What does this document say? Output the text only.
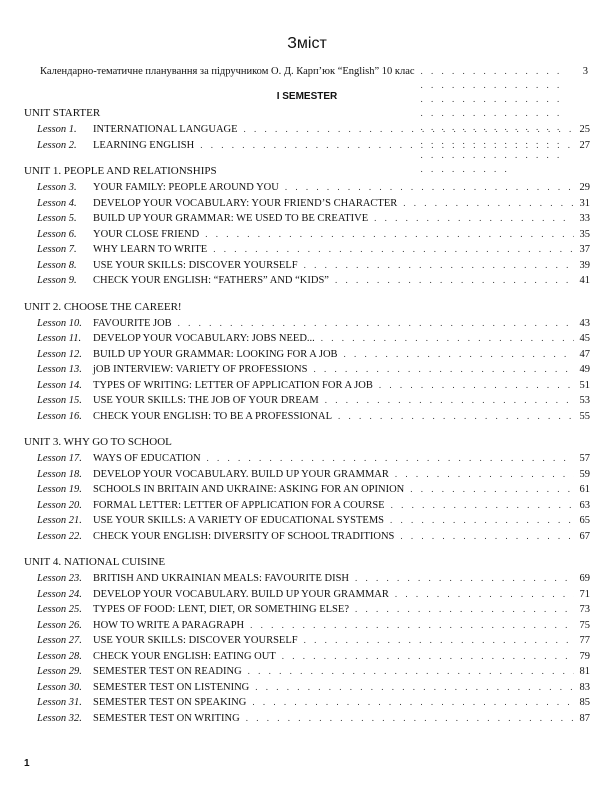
Зміст
Календарно-тематичне планування за підручником О. Д. Карп’юк “English” 10 клас . . .	3
I SEMESTER
UNIT STARTER
Lesson 1.	INTERNATIONAL LANGUAGE . . .	25
Lesson 2.	LEARNING ENGLISH . . .	27
UNIT 1. PEOPLE AND RELATIONSHIPS
Lesson 3.	YOUR FAMILY: PEOPLE AROUND YOU . . .	29
Lesson 4.	DEVELOP YOUR VOCABULARY: YOUR FRIEND’S CHARACTER . . .	31
Lesson 5.	BUILD UP YOUR GRAMMAR: WE USED TO BE CREATIVE . . .	33
Lesson 6.	YOUR CLOSE FRIEND . . .	35
Lesson 7.	WHY LEARN TO WRITE . . .	37
Lesson 8.	USE YOUR SKILLS: DISCOVER YOURSELF . . .	39
Lesson 9.	CHECK YOUR ENGLISH: “FATHERS” AND “KIDS” . . .	41
UNIT 2. CHOOSE THE CAREER!
Lesson 10.	FAVOURITE JOB . . .	43
Lesson 11.	DEVELOP YOUR VOCABULARY: JOBS NEED... . . .	45
Lesson 12.	BUILD UP YOUR GRAMMAR: LOOKING FOR A JOB . . .	47
Lesson 13.	jOB INTERVIEW: VARIETY OF PROFESSIONS . . .	49
Lesson 14.	TYPES OF WRITING: LETTER OF APPLICATION FOR A JOB . . .	51
Lesson 15.	USE YOUR SKILLS: THE JOB OF YOUR DREAM . . .	53
Lesson 16.	CHECK YOUR ENGLISH: TO BE A PROFESSIONAL . . .	55
UNIT 3. WHY GO TO SCHOOL
Lesson 17.	WAYS OF EDUCATION . . .	57
Lesson 18.	DEVELOP YOUR VOCABULARY. BUILD UP YOUR GRAMMAR . . .	59
Lesson 19.	SCHOOLS IN BRITAIN AND UKRAINE: ASKING FOR AN OPINION . . .	61
Lesson 20.	FORMAL LETTER: LETTER OF APPLICATION FOR A COURSE . . .	63
Lesson 21.	USE YOUR SKILLS: A VARIETY OF EDUCATIONAL SYSTEMS . . .	65
Lesson 22.	CHECK YOUR ENGLISH: DIVERSITY OF SCHOOL TRADITIONS . . .	67
UNIT 4. NATIONAL CUISINE
Lesson 23.	BRITISH AND UKRAINIAN MEALS: FAVOURITE DISH . . .	69
Lesson 24.	DEVELOP YOUR VOCABULARY. BUILD UP YOUR GRAMMAR . . .	71
Lesson 25.	TYPES OF FOOD: LENT, DIET, OR SOMETHING ELSE? . . .	73
Lesson 26.	HOW TO WRITE A PARAGRAPH . . .	75
Lesson 27.	USE YOUR SKILLS: DISCOVER YOURSELF . . .	77
Lesson 28.	CHECK YOUR ENGLISH: EATING OUT . . .	79
Lesson 29.	SEMESTER TEST ON READING . . .	81
Lesson 30.	SEMESTER TEST ON LISTENING . . .	83
Lesson 31.	SEMESTER TEST ON SPEAKING . . .	85
Lesson 32.	SEMESTER TEST ON WRITING . . .	87
1
